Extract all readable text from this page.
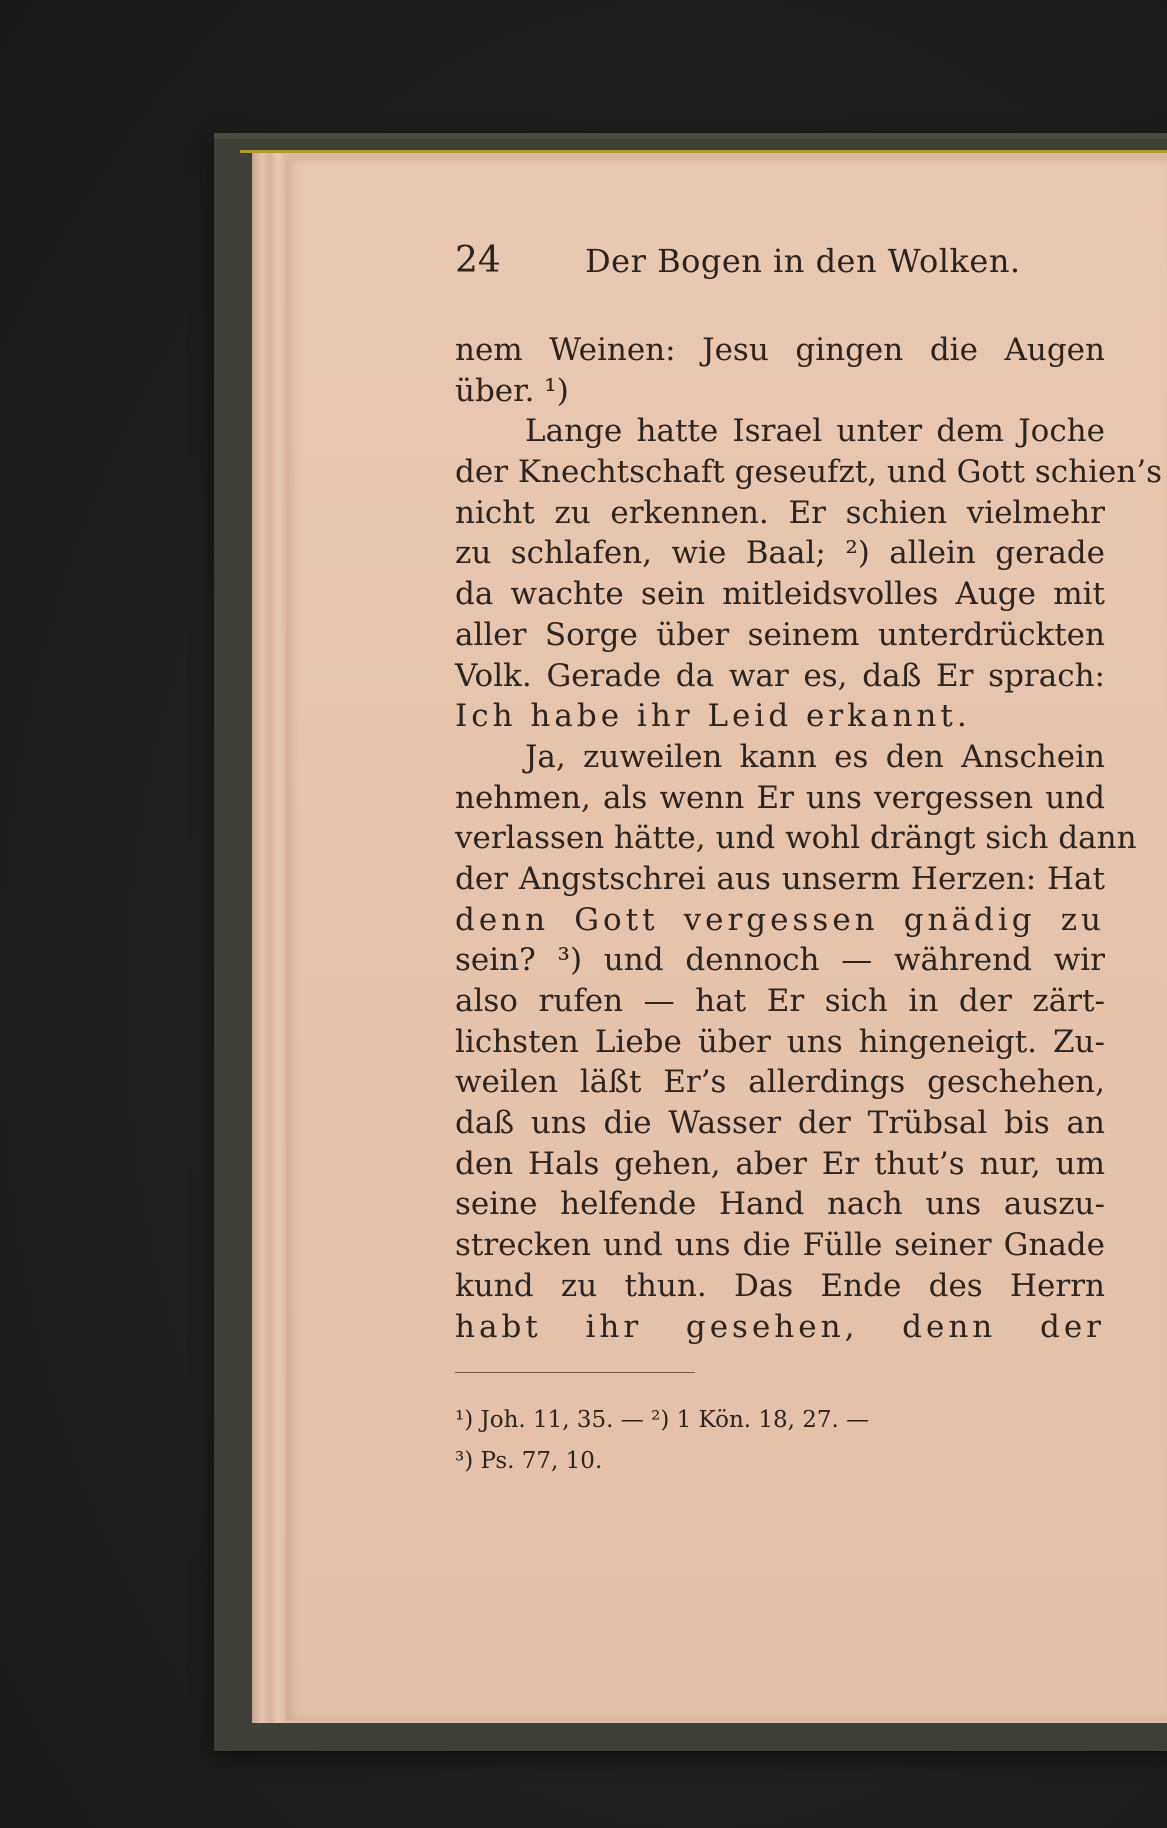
24	Der Bogen in den Wolken.
nem Weinen: Jesu gingen die Augen
über. ¹)
Lange hatte Israel unter dem Joche
der Knechtschaft geseufzt, und Gott schien’s
nicht zu erkennen. Er schien vielmehr
zu schlafen, wie Baal; ²) allein gerade
da wachte sein mitleidsvolles Auge mit
aller Sorge über seinem unterdrückten
Volk. Gerade da war es, daß Er sprach:
Ich habe ihr Leid erkannt.
Ja, zuweilen kann es den Anschein
nehmen, als wenn Er uns vergessen und
verlassen hätte, und wohl drängt sich dann
der Angstschrei aus unserm Herzen: Hat
denn Gott vergessen gnädig zu
sein? ³) und dennoch — während wir
also rufen — hat Er sich in der zärt-
lichsten Liebe über uns hingeneigt. Zu-
weilen läßt Er’s allerdings geschehen,
daß uns die Wasser der Trübsal bis an
den Hals gehen, aber Er thut’s nur, um
seine helfende Hand nach uns auszu-
strecken und uns die Fülle seiner Gnade
kund zu thun. Das Ende des Herrn
habt ihr gesehen, denn der
¹) Joh. 11, 35. — ²) 1 Kön. 18, 27. —
³) Ps. 77, 10.
